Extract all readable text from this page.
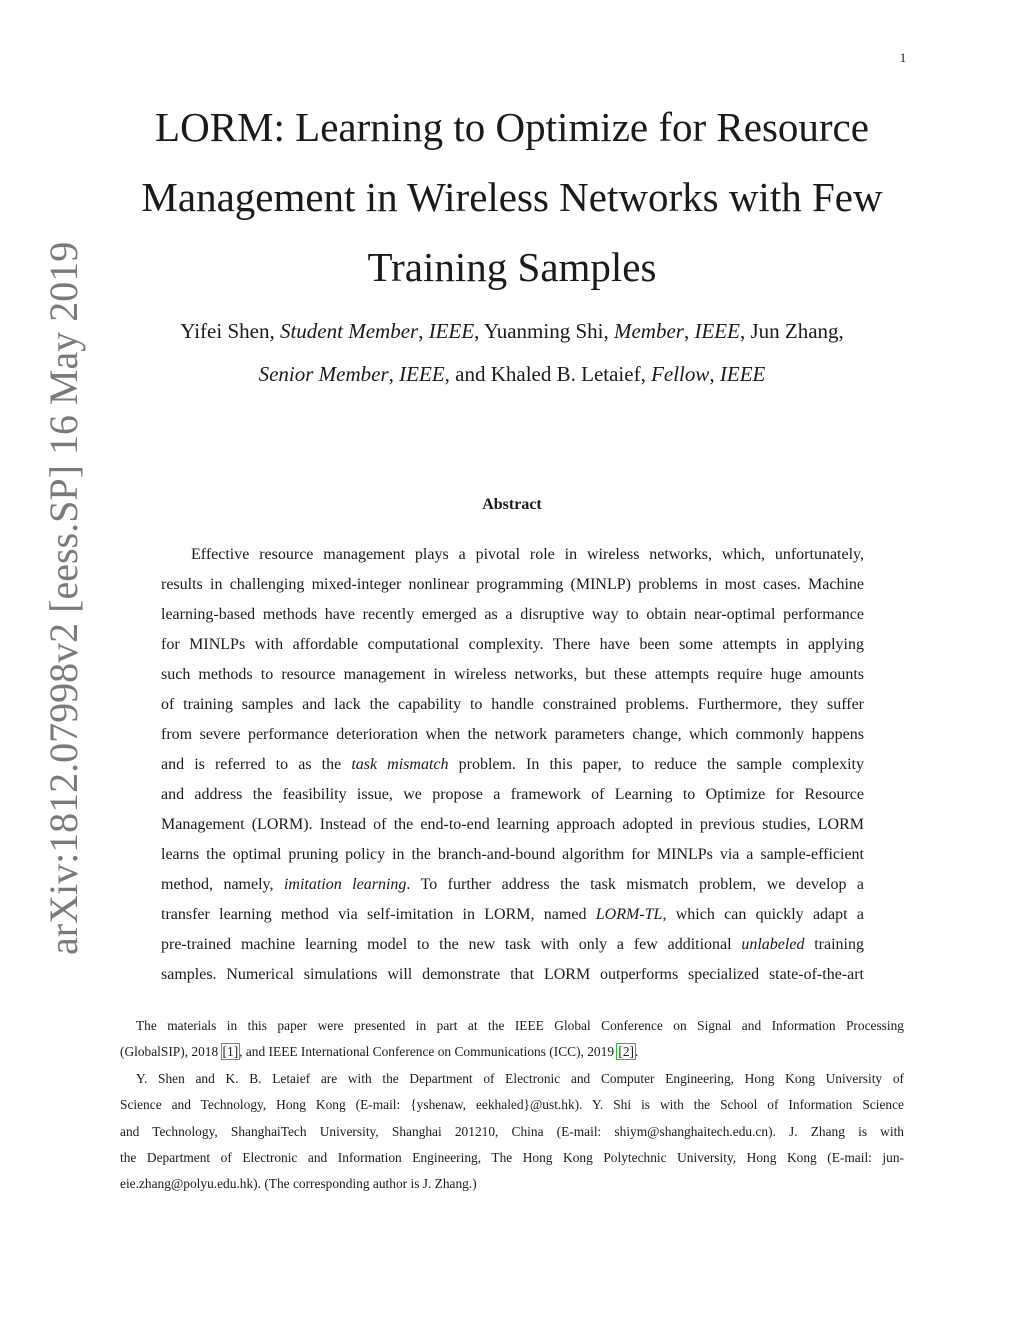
1
arXiv:1812.07998v2 [eess.SP] 16 May 2019
LORM: Learning to Optimize for Resource
Management in Wireless Networks with Few
Training Samples
Yifei Shen, Student Member, IEEE, Yuanming Shi, Member, IEEE, Jun Zhang,
Senior Member, IEEE, and Khaled B. Letaief, Fellow, IEEE
Abstract
Effective resource management plays a pivotal role in wireless networks, which, unfortunately,
results in challenging mixed-integer nonlinear programming (MINLP) problems in most cases. Machine
learning-based methods have recently emerged as a disruptive way to obtain near-optimal performance
for MINLPs with affordable computational complexity. There have been some attempts in applying
such methods to resource management in wireless networks, but these attempts require huge amounts
of training samples and lack the capability to handle constrained problems. Furthermore, they suffer
from severe performance deterioration when the network parameters change, which commonly happens
and is referred to as the task mismatch problem. In this paper, to reduce the sample complexity
and address the feasibility issue, we propose a framework of Learning to Optimize for Resource
Management (LORM). Instead of the end-to-end learning approach adopted in previous studies, LORM
learns the optimal pruning policy in the branch-and-bound algorithm for MINLPs via a sample-efficient
method, namely, imitation learning. To further address the task mismatch problem, we develop a
transfer learning method via self-imitation in LORM, named LORM-TL, which can quickly adapt a
pre-trained machine learning model to the new task with only a few additional unlabeled training
samples. Numerical simulations will demonstrate that LORM outperforms specialized state-of-the-art
The materials in this paper were presented in part at the IEEE Global Conference on Signal and Information Processing
(GlobalSIP), 2018 [1], and IEEE International Conference on Communications (ICC), 2019 [2].
Y. Shen and K. B. Letaief are with the Department of Electronic and Computer Engineering, Hong Kong University of
Science and Technology, Hong Kong (E-mail: {yshenaw, eekhaled}@ust.hk). Y. Shi is with the School of Information Science
and Technology, ShanghaiTech University, Shanghai 201210, China (E-mail: shiym@shanghaitech.edu.cn). J. Zhang is with
the Department of Electronic and Information Engineering, The Hong Kong Polytechnic University, Hong Kong (E-mail: jun-
eie.zhang@polyu.edu.hk). (The corresponding author is J. Zhang.)
